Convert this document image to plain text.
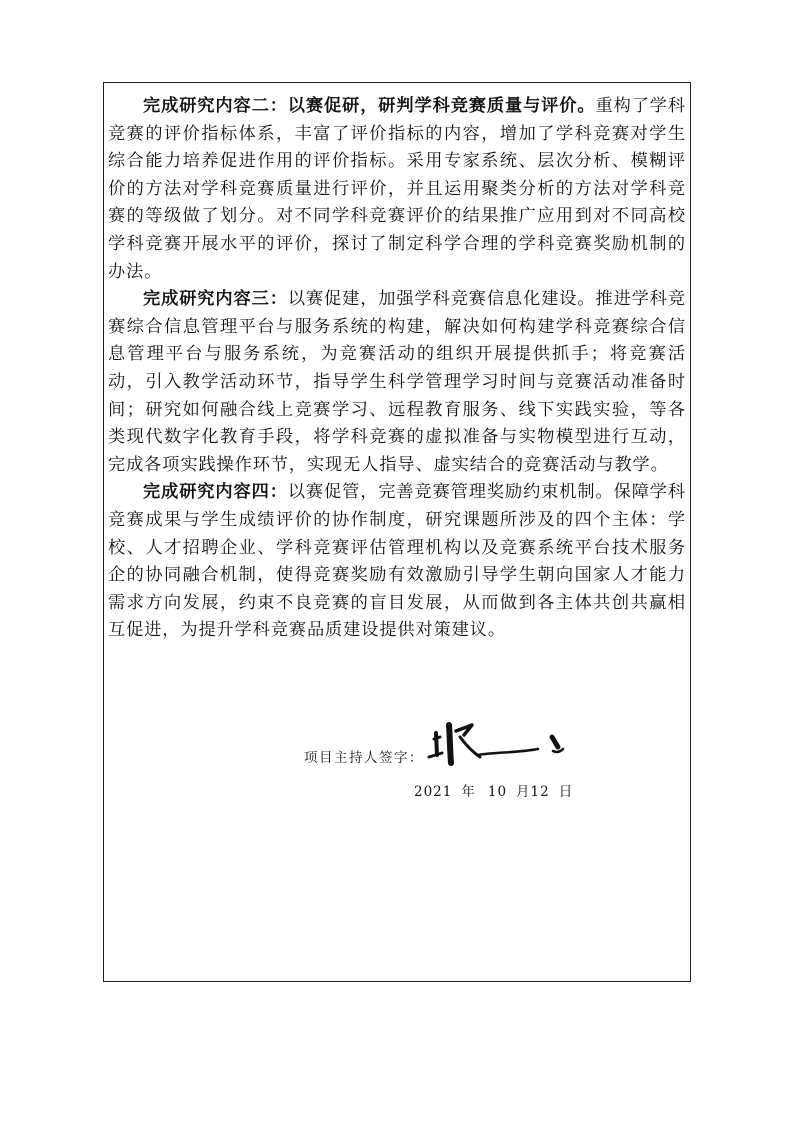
完成研究内容二：以赛促研，研判学科竞赛质量与评价。重构了学科竞赛的评价指标体系，丰富了评价指标的内容，增加了学科竞赛对学生综合能力培养促进作用的评价指标。采用专家系统、层次分析、模糊评价的方法对学科竞赛质量进行评价，并且运用聚类分析的方法对学科竞赛的等级做了划分。对不同学科竞赛评价的结果推广应用到对不同高校学科竞赛开展水平的评价，探讨了制定科学合理的学科竞赛奖励机制的办法。

完成研究内容三：以赛促建，加强学科竞赛信息化建设。推进学科竞赛综合信息管理平台与服务系统的构建，解决如何构建学科竞赛综合信息管理平台与服务系统，为竞赛活动的组织开展提供抓手；将竞赛活动，引入教学活动环节，指导学生科学管理学习时间与竞赛活动准备时间；研究如何融合线上竞赛学习、远程教育服务、线下实践实验，等各类现代数字化教育手段，将学科竞赛的虚拟准备与实物模型进行互动，完成各项实践操作环节，实现无人指导、虚实结合的竞赛活动与教学。

完成研究内容四：以赛促管，完善竞赛管理奖励约束机制。保障学科竞赛成果与学生成绩评价的协作制度，研究课题所涉及的四个主体：学校、人才招聘企业、学科竞赛评估管理机构以及竞赛系统平台技术服务企的协同融合机制，使得竞赛奖励有效激励引导学生朝向国家人才能力需求方向发展，约束不良竞赛的盲目发展，从而做到各主体共创共赢相互促进，为提升学科竞赛品质建设提供对策建议。

项目主持人签字：
2021 年 10 月12 日
